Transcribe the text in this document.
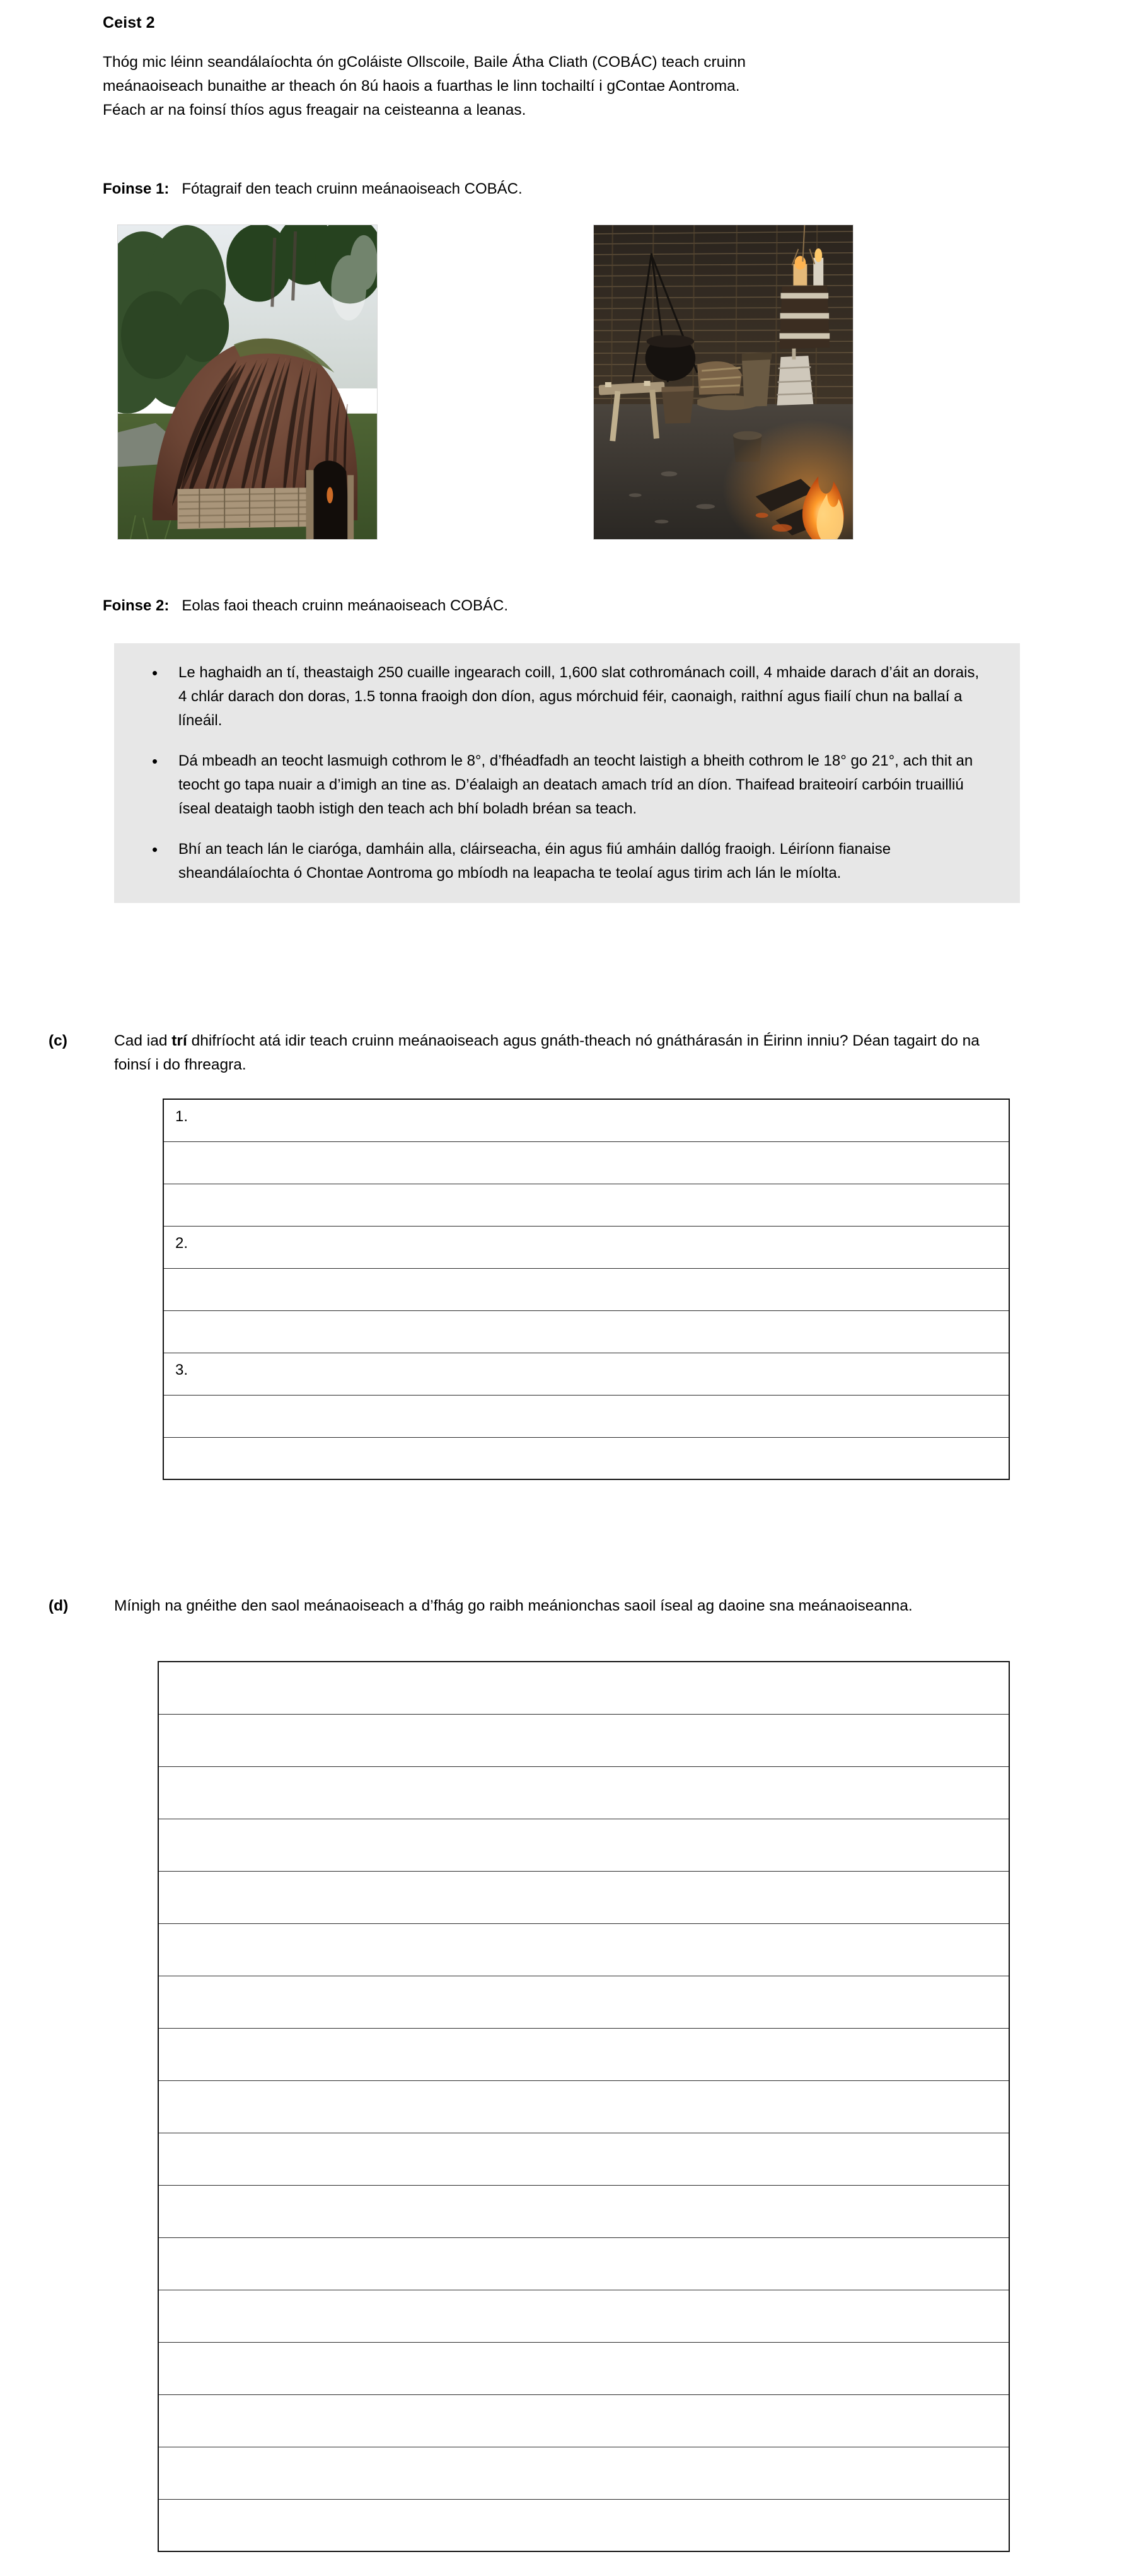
Ceist 2
Thóg mic léinn seandálaíochta ón gColáiste Ollscoile, Baile Átha Cliath (COBÁC) teach cruinn
meánaoiseach bunaithe ar theach ón 8ú haois a fuarthas le linn tochailtí i gContae Aontroma.
Féach ar na foinsí thíos agus freagair na ceisteanna a leanas.
Foinse 1:   Fótagraif den teach cruinn meánaoiseach COBÁC.
Foinse 2:   Eolas faoi theach cruinn meánaoiseach COBÁC.
• Le haghaidh an tí, theastaigh 250 cuaille ingearach coill, 1,600 slat cothrománach coill, 4 mhaide darach d’áit an dorais, 4 chlár darach don doras, 1.5 tonna fraoigh don díon, agus mórchuid féir, caonaigh, raithní agus fiailí chun na ballaí a líneáil.
• Dá mbeadh an teocht lasmuigh cothrom le 8°, d’fhéadfadh an teocht laistigh a bheith cothrom le 18° go 21°, ach thit an teocht go tapa nuair a d’imigh an tine as. D’éalaigh an deatach amach tríd an díon. Thaifead braiteoirí carbóin truailliú íseal deataigh taobh istigh den teach ach bhí boladh bréan sa teach.
• Bhí an teach lán le ciaróga, damháin alla, cláirseacha, éin agus fiú amháin dallóg fraoigh. Léiríonn fianaise sheandálaíochta ó Chontae Aontroma go mbíodh na leapacha te teolaí agus tirim ach lán le míolta.
(c)	Cad iad trí dhifríocht atá idir teach cruinn meánaoiseach agus gnáth-theach nó gnáthárasán in Éirinn inniu? Déan tagairt do na foinsí i do fhreagra.
1.

2.

3.

(d)	Mínigh na gnéithe den saol meánaoiseach a d’fhág go raibh meánionchas saoil íseal ag daoine sna meánaoiseanna.
